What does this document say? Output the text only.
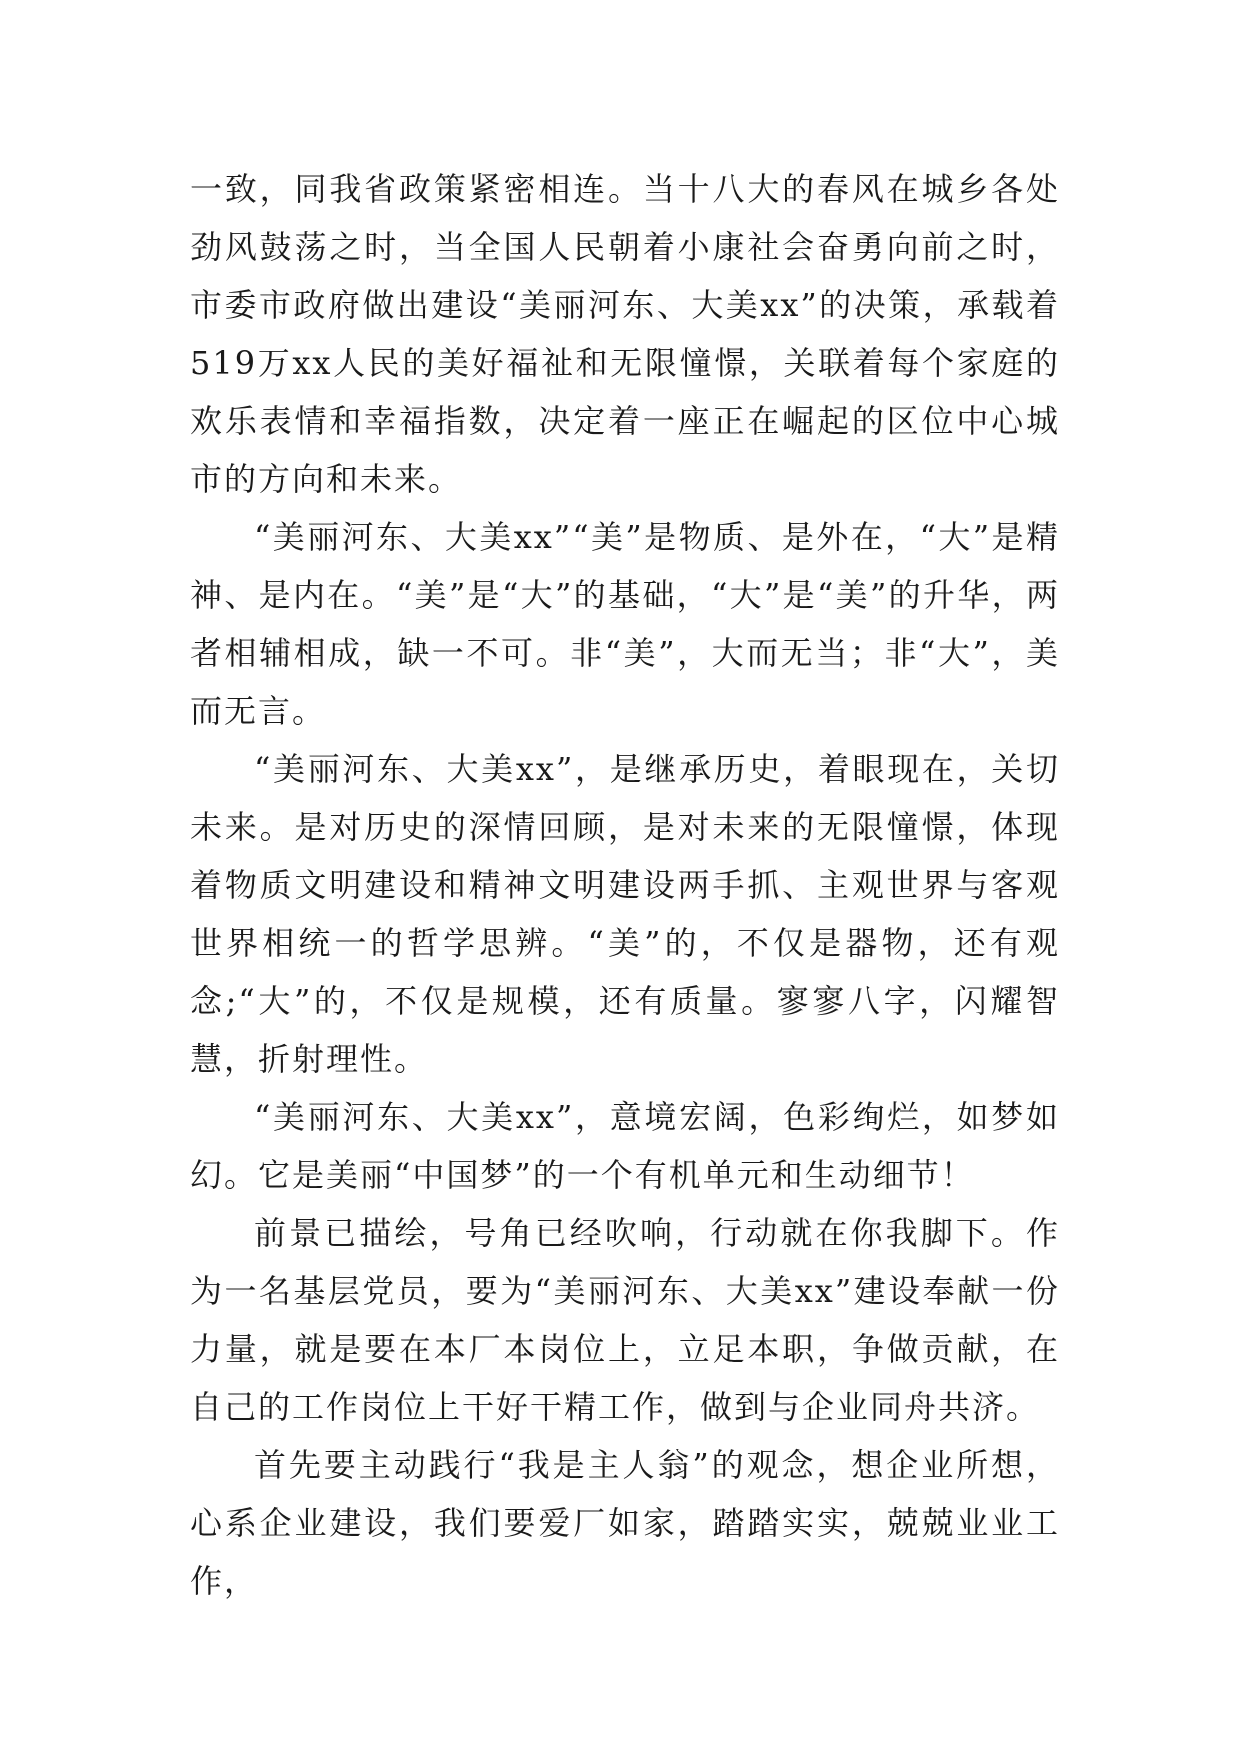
一致，同我省政策紧密相连。当十八大的春风在城乡各处劲风鼓荡之时，当全国人民朝着小康社会奋勇向前之时，市委市政府做出建设“美丽河东、大美xx”的决策，承载着519万xx人民的美好福祉和无限憧憬，关联着每个家庭的欢乐表情和幸福指数，决定着一座正在崛起的区位中心城市的方向和未来。

“美丽河东、大美xx”“美”是物质、是外在，“大”是精神、是内在。“美”是“大”的基础，“大”是“美”的升华，两者相辅相成，缺一不可。非“美”，大而无当；非“大”，美而无言。

“美丽河东、大美xx”，是继承历史，着眼现在，关切未来。是对历史的深情回顾，是对未来的无限憧憬，体现着物质文明建设和精神文明建设两手抓、主观世界与客观世界相统一的哲学思辨。“美”的，不仅是器物，还有观念;“大”的，不仅是规模，还有质量。寥寥八字，闪耀智慧，折射理性。

“美丽河东、大美xx”，意境宏阔，色彩绚烂，如梦如幻。它是美丽“中国梦”的一个有机单元和生动细节！

前景已描绘，号角已经吹响，行动就在你我脚下。作为一名基层党员，要为“美丽河东、大美xx”建设奉献一份力量，就是要在本厂本岗位上，立足本职，争做贡献，在自己的工作岗位上干好干精工作，做到与企业同舟共济。

首先要主动践行“我是主人翁”的观念，想企业所想，心系企业建设，我们要爱厂如家，踏踏实实，兢兢业业工作，
